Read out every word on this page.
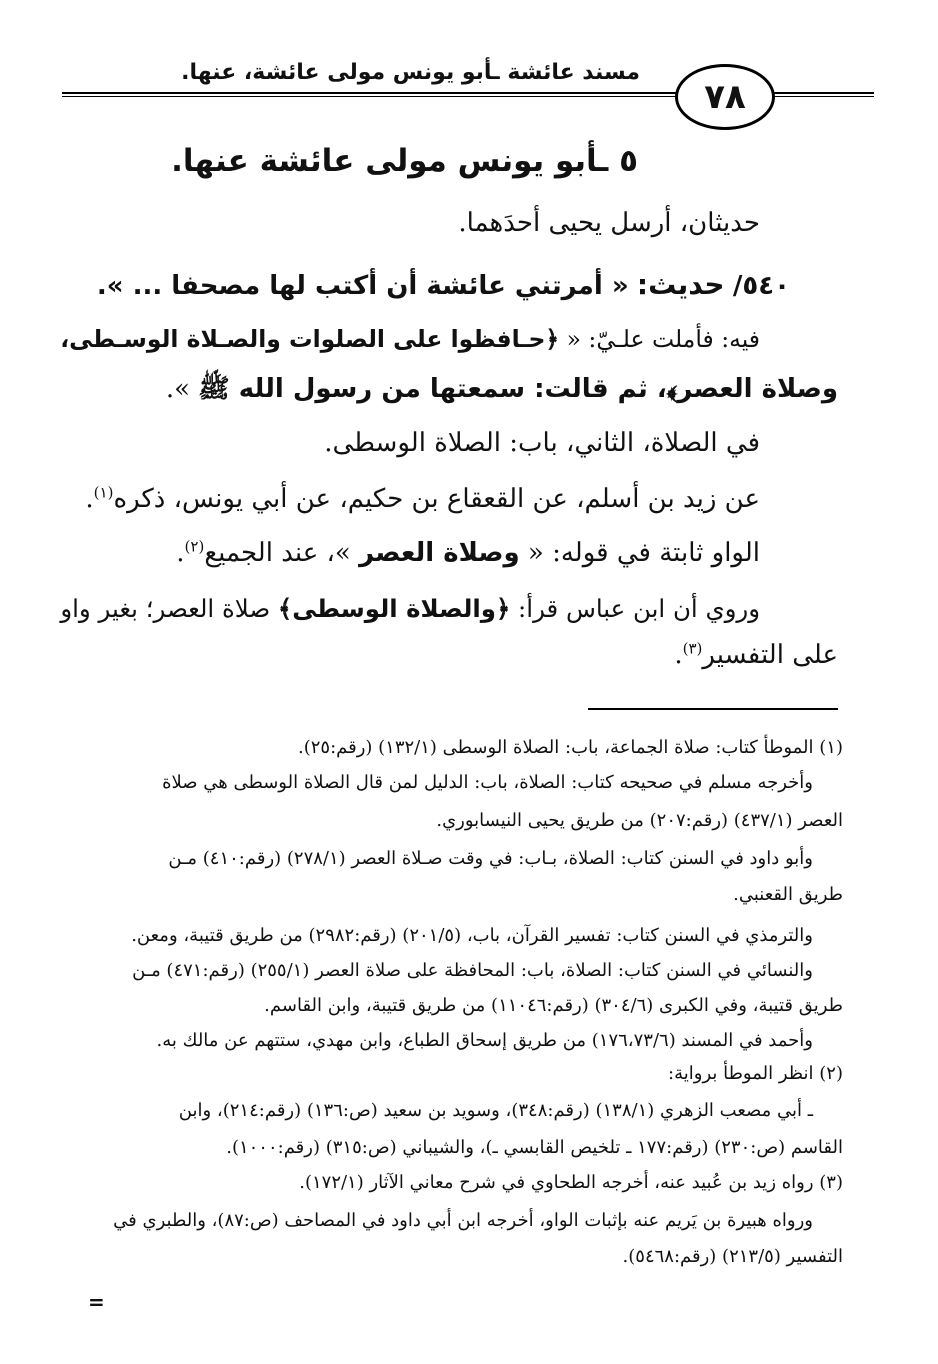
مسند عائشة ـأبو يونس مولى عائشة، عنها.
٧٨
٥ ـأبو يونس مولى عائشة عنها.
حديثان، أرسل يحيى أحدَهما.
٥٤٠/ حديث: « أمرتني عائشة أن أكتب لها مصحفا ... ».
فيه: فأملت علـيّ: « ﴿حـافظوا على الصلوات والصـلاة الوسـطى،
وصلاة العصر﴾، ثم قالت: سمعتها من رسول الله ﷺ ».
في الصلاة، الثاني، باب: الصلاة الوسطى.
عن زيد بن أسلم، عن القعقاع بن حكيم، عن أبي يونس، ذكره$^{(١)}$.
الواو ثابتة في قوله: « وصلاة العصر »، عند الجميع$^{(٢)}$.
وروي أن ابن عباس قرأ: ﴿والصلاة الوسطى﴾ صلاة العصر؛ بغير واو
على التفسير$^{(٣)}$.
(١) الموطأ كتاب: صلاة الجماعة، باب: الصلاة الوسطى (١٣٢/١) (رقم:٢٥).
وأخرجه مسلم في صحيحه كتاب: الصلاة، باب: الدليل لمن قال الصلاة الوسطى هي صلاة
العصر (٤٣٧/١) (رقم:٢٠٧) من طريق يحيى النيسابوري.
وأبو داود في السنن كتاب: الصلاة، بـاب: في وقت صـلاة العصر (٢٧٨/١) (رقم:٤١٠) مـن
طريق القعنبي.
والترمذي في السنن كتاب: تفسير القرآن، باب، (٢٠١/٥) (رقم:٢٩٨٢) من طريق قتيبة، ومعن.
والنسائي في السنن كتاب: الصلاة، باب: المحافظة على صلاة العصر (٢٥٥/١) (رقم:٤٧١) مـن
طريق قتيبة، وفي الكبرى (٣٠٤/٦) (رقم:١١٠٤٦) من طريق قتيبة، وابن القاسم.
وأحمد في المسند (١٧٦،٧٣/٦) من طريق إسحاق الطباع، وابن مهدي، ستتهم عن مالك به.
(٢) انظر الموطأ برواية:
ـ أبي مصعب الزهري (١٣٨/١) (رقم:٣٤٨)، وسويد بن سعيد (ص:١٣٦) (رقم:٢١٤)، وابن
القاسم (ص:٢٣٠) (رقم:١٧٧ ـ تلخيص القابسي ـ)، والشيباني (ص:٣١٥) (رقم:١٠٠٠).
(٣) رواه زيد بن عُبيد عنه، أخرجه الطحاوي في شرح معاني الآثار (١٧٢/١).
ورواه هبيرة بن يَريم عنه بإثبات الواو، أخرجه ابن أبي داود في المصاحف (ص:٨٧)، والطبري في
التفسير (٢١٣/٥) (رقم:٥٤٦٨).
=
